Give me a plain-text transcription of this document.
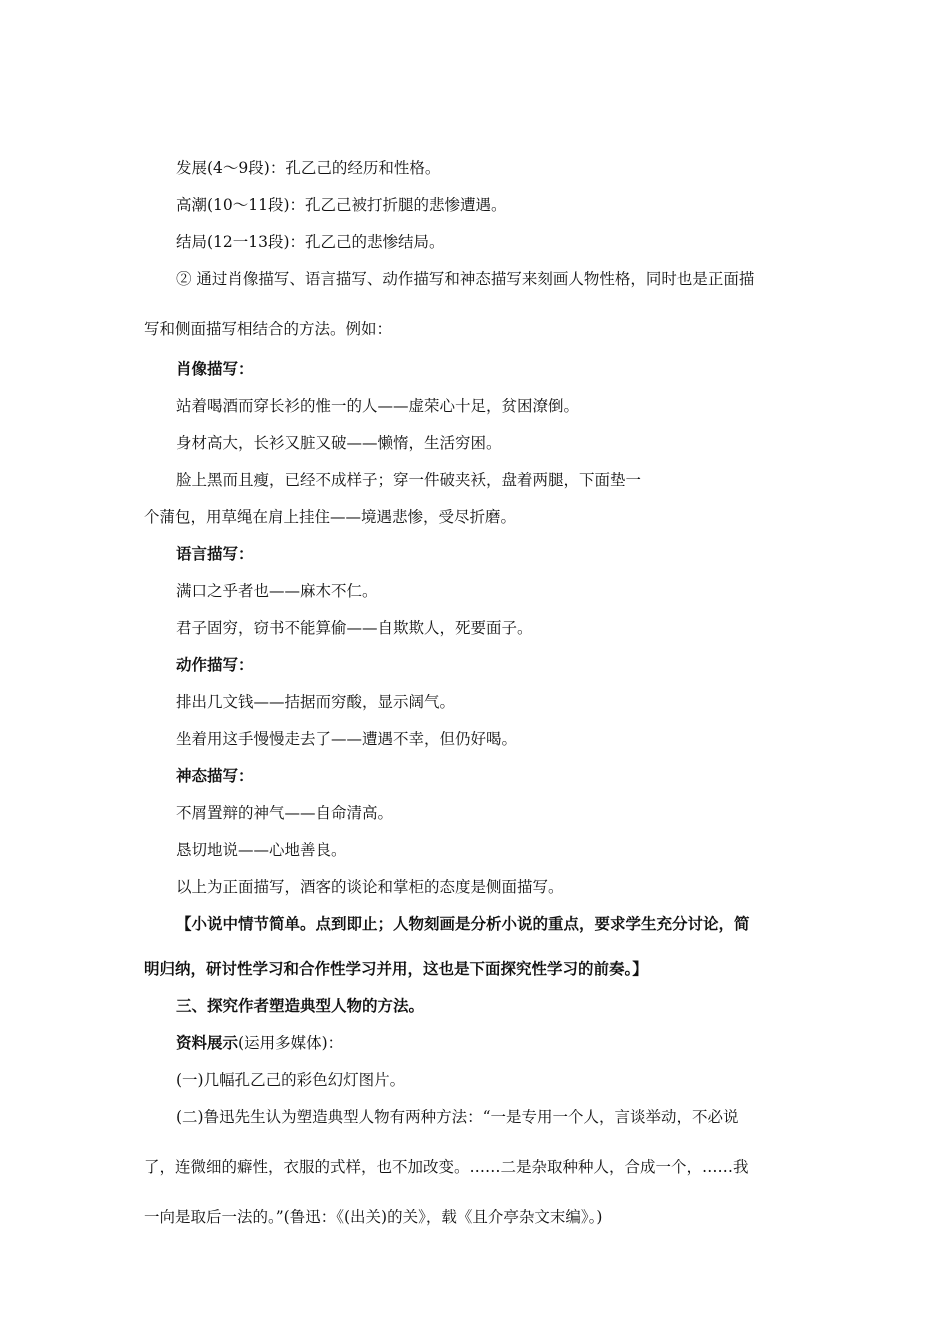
发展(4～9段)：孔乙己的经历和性格。
高潮(10～11段)：孔乙己被打折腿的悲惨遭遇。
结局(12一13段)：孔乙己的悲惨结局。
② 通过肖像描写、语言描写、动作描写和神态描写来刻画人物性格，同时也是正面描
写和侧面描写相结合的方法。例如：
肖像描写：
站着喝酒而穿长衫的惟一的人——虚荣心十足，贫困潦倒。
身材高大，长衫又脏又破——懒惰，生活穷困。
脸上黑而且瘦，已经不成样子；穿一件破夹袄，盘着两腿，下面垫一
个蒲包，用草绳在肩上挂住——境遇悲惨，受尽折磨。
语言描写：
满口之乎者也——麻木不仁。
君子固穷，窃书不能算偷——自欺欺人，死要面子。
动作描写：
排出几文钱——拮据而穷酸，显示阔气。
坐着用这手慢慢走去了——遭遇不幸，但仍好喝。
神态描写：
不屑置辩的神气——自命清高。
恳切地说——心地善良。
以上为正面描写，酒客的谈论和掌柜的态度是侧面描写。
【小说中情节简单。点到即止；人物刻画是分析小说的重点，要求学生充分讨论，简
明归纳，研讨性学习和合作性学习并用，这也是下面探究性学习的前奏。】
三、探究作者塑造典型人物的方法。
资料展示(运用多媒体)：
(一)几幅孔乙己的彩色幻灯图片。
(二)鲁迅先生认为塑造典型人物有两种方法：“一是专用一个人，言谈举动，不必说
了，连微细的癖性，衣服的式样，也不加改变。……二是杂取种种人，合成一个，……我
一向是取后一法的。”(鲁迅：《(出关)的关》，载《且介亭杂文末编》。)
